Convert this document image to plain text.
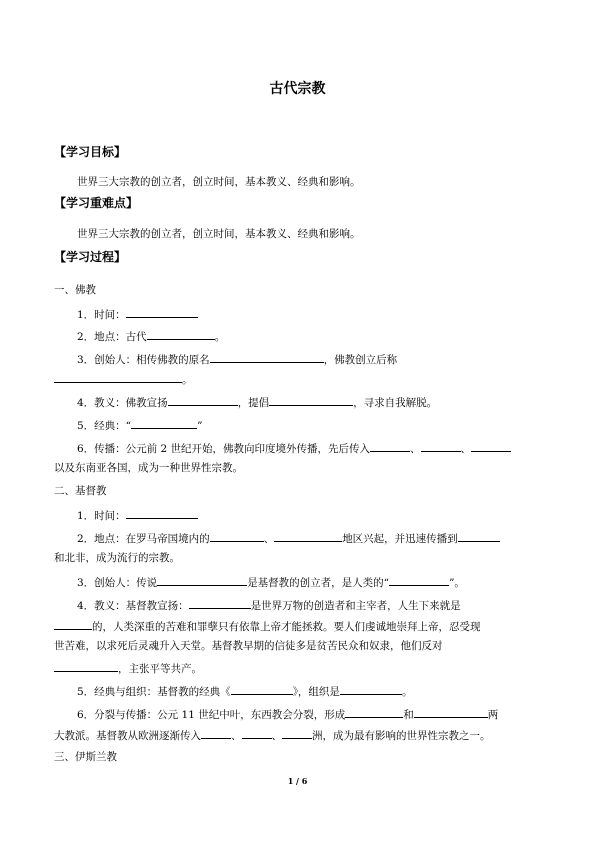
古代宗教
【学习目标】
世界三大宗教的创立者，创立时间，基本教义、经典和影响。
【学习重难点】
世界三大宗教的创立者，创立时间，基本教义、经典和影响。
【学习过程】
一、佛教
1．时间：
2．地点：古代	。
3．创始人：相传佛教的原名	，佛教创立后称
。
4．教义：佛教宣扬	，提倡	，寻求自我解脱。
5．经典：“	”
6．传播：公元前 2 世纪开始，佛教向印度境外传播，先后传入	、	、
以及东南亚各国，成为一种世界性宗教。
二、基督教
1．时间：
2．地点：在罗马帝国境内的	、	地区兴起，并迅速传播到
和北非，成为流行的宗教。
3．创始人：传说	是基督教的创立者，是人类的“	”。
4．教义：基督教宣扬：	是世界万物的创造者和主宰者，人生下来就是
的，人类深重的苦难和罪孽只有依靠上帝才能拯救。要人们虔诚地崇拜上帝，忍受现
世苦难，以求死后灵魂升入天堂。基督教早期的信徒多是贫苦民众和奴隶，他们反对
，主张平等共产。
5．经典与组织：基督教的经典《	》，组织是	。
6．分裂与传播：公元 11 世纪中叶，东西教会分裂，形成	和	两
大教派。基督教从欧洲逐渐传入	、	、	洲，成为最有影响的世界性宗教之一。
三、伊斯兰教
1 / 6
